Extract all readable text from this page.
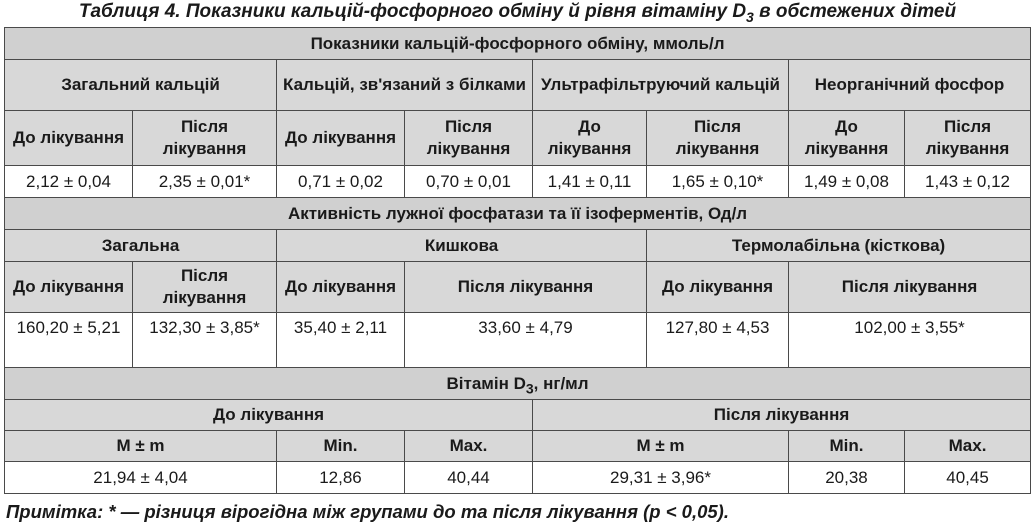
Таблиця 4. Показники кальцій-фосфорного обміну й рівня вітаміну $D_3$ в обстежених дітей
Показники кальцій-фосфорного обміну, ммоль/л							
Загальний кальцій		Кальцій, зв'язаний з білками		Ультрафільтруючий кальцій		Неорганічний фосфор	
До лікування	Після лікування	До лікування	Після лікування	До лікування	Після лікування	До лікування	Після лікування
2,12 ± 0,04	2,35 ± 0,01*	0,71 ± 0,02	0,70 ± 0,01	1,41 ± 0,11	1,65 ± 0,10*	1,49 ± 0,08	1,43 ± 0,12
Активність лужної фосфатази та її ізоферментів, Од/л							
Загальна		Кишкова			Термолабільна (кісткова)		
До лікування	Після лікування	До лікування	Після лікування		До лікування	Після лікування	
160,20 ± 5,21	132,30 ± 3,85*	35,40 ± 2,11	33,60 ± 4,79		127,80 ± 4,53	102,00 ± 3,55*	
Вітамін $D_3$, нг/мл							
До лікування				Після лікування			
M ± m		Min.	Max.	M ± m		Min.	Max.
21,94 ± 4,04		12,86	40,44	29,31 ± 3,96*		20,38	40,45
Примітка: * — різниця вірогідна між групами до та після лікування (p < 0,05).
